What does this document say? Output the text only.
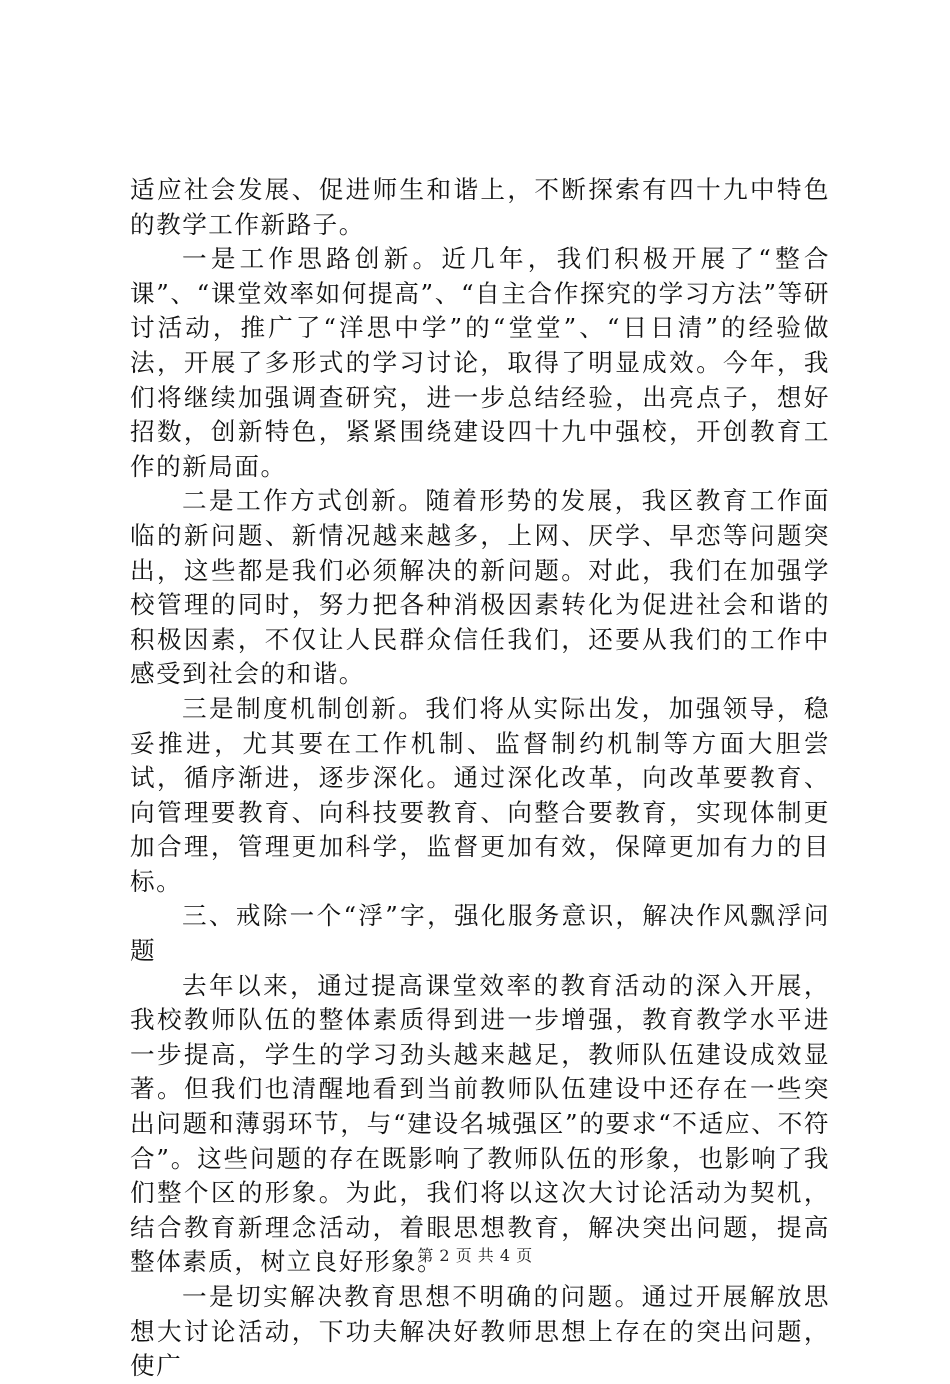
适应社会发展、促进师生和谐上，不断探索有四十九中特色的教学工作新路子。

一是工作思路创新。近几年，我们积极开展了“整合课”、“课堂效率如何提高”、“自主合作探究的学习方法”等研讨活动，推广了“洋思中学”的“堂堂”、“日日清”的经验做法，开展了多形式的学习讨论，取得了明显成效。今年，我们将继续加强调查研究，进一步总结经验，出亮点子，想好招数，创新特色，紧紧围绕建设四十九中强校，开创教育工作的新局面。

二是工作方式创新。随着形势的发展，我区教育工作面临的新问题、新情况越来越多，上网、厌学、早恋等问题突出，这些都是我们必须解决的新问题。对此，我们在加强学校管理的同时，努力把各种消极因素转化为促进社会和谐的积极因素，不仅让人民群众信任我们，还要从我们的工作中感受到社会的和谐。

三是制度机制创新。我们将从实际出发，加强领导，稳妥推进，尤其要在工作机制、监督制约机制等方面大胆尝试，循序渐进，逐步深化。通过深化改革，向改革要教育、向管理要教育、向科技要教育、向整合要教育，实现体制更加合理，管理更加科学，监督更加有效，保障更加有力的目标。

三、戒除一个“浮”字，强化服务意识，解决作风飘浮问题

去年以来，通过提高课堂效率的教育活动的深入开展，我校教师队伍的整体素质得到进一步增强，教育教学水平进一步提高，学生的学习劲头越来越足，教师队伍建设成效显著。但我们也清醒地看到当前教师队伍建设中还存在一些突出问题和薄弱环节，与“建设名城强区”的要求“不适应、不符合”。这些问题的存在既影响了教师队伍的形象，也影响了我们整个区的形象。为此，我们将以这次大讨论活动为契机，结合教育新理念活动，着眼思想教育，解决突出问题，提高整体素质，树立良好形象。

一是切实解决教育思想不明确的问题。通过开展解放思想大讨论活动，下功夫解决好教师思想上存在的突出问题，使广

第 2 页 共 4 页
